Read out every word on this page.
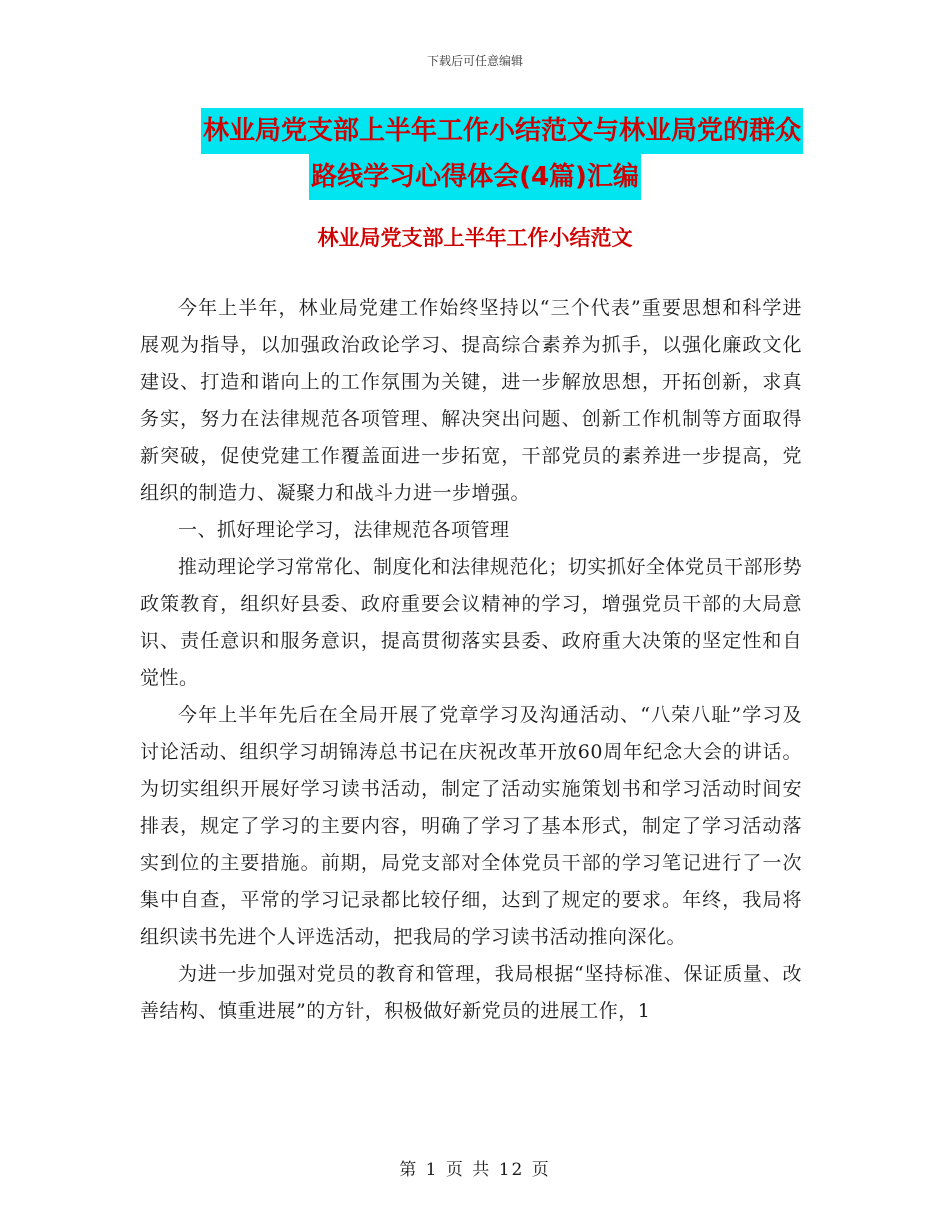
下载后可任意编辑
林业局党支部上半年工作小结范文与林业局党的群众
路线学习心得体会(4篇)汇编
林业局党支部上半年工作小结范文

今年上半年，林业局党建工作始终坚持以“三个代表”重要思想和科学进展观为指导，以加强政治政论学习、提高综合素养为抓手，以强化廉政文化建设、打造和谐向上的工作氛围为关键，进一步解放思想，开拓创新，求真务实，努力在法律规范各项管理、解决突出问题、创新工作机制等方面取得新突破，促使党建工作覆盖面进一步拓宽，干部党员的素养进一步提高，党组织的制造力、凝聚力和战斗力进一步增强。

一、抓好理论学习，法律规范各项管理

推动理论学习常常化、制度化和法律规范化；切实抓好全体党员干部形势政策教育，组织好县委、政府重要会议精神的学习，增强党员干部的大局意识、责任意识和服务意识，提高贯彻落实县委、政府重大决策的坚定性和自觉性。

今年上半年先后在全局开展了党章学习及沟通活动、“八荣八耻”学习及讨论活动、组织学习胡锦涛总书记在庆祝改革开放60周年纪念大会的讲话。为切实组织开展好学习读书活动，制定了活动实施策划书和学习活动时间安排表，规定了学习的主要内容，明确了学习了基本形式，制定了学习活动落实到位的主要措施。前期，局党支部对全体党员干部的学习笔记进行了一次集中自查，平常的学习记录都比较仔细，达到了规定的要求。年终，我局将组织读书先进个人评选活动，把我局的学习读书活动推向深化。

为进一步加强对党员的教育和管理，我局根据“坚持标准、保证质量、改善结构、慎重进展”的方针，积极做好新党员的进展工作，1

第 1 页 共 12 页
